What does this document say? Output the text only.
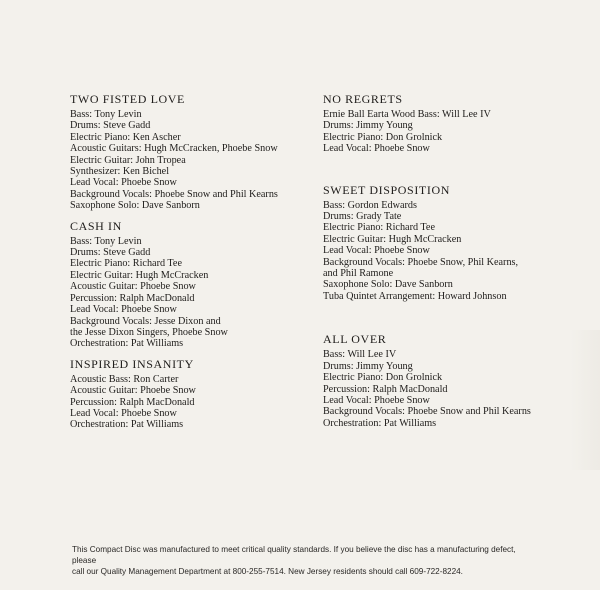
TWO FISTED LOVE
Bass: Tony Levin
Drums: Steve Gadd
Electric Piano: Ken Ascher
Acoustic Guitars: Hugh McCracken, Phoebe Snow
Electric Guitar: John Tropea
Synthesizer: Ken Bichel
Lead Vocal: Phoebe Snow
Background Vocals: Phoebe Snow and Phil Kearns
Saxophone Solo: Dave Sanborn
CASH IN
Bass: Tony Levin
Drums: Steve Gadd
Electric Piano: Richard Tee
Electric Guitar: Hugh McCracken
Acoustic Guitar: Phoebe Snow
Percussion: Ralph MacDonald
Lead Vocal: Phoebe Snow
Background Vocals: Jesse Dixon and
the Jesse Dixon Singers, Phoebe Snow
Orchestration: Pat Williams
INSPIRED INSANITY
Acoustic Bass: Ron Carter
Acoustic Guitar: Phoebe Snow
Percussion: Ralph MacDonald
Lead Vocal: Phoebe Snow
Orchestration: Pat Williams
NO REGRETS
Ernie Ball Earta Wood Bass: Will Lee IV
Drums: Jimmy Young
Electric Piano: Don Grolnick
Lead Vocal: Phoebe Snow
SWEET DISPOSITION
Bass: Gordon Edwards
Drums: Grady Tate
Electric Piano: Richard Tee
Electric Guitar: Hugh McCracken
Lead Vocal: Phoebe Snow
Background Vocals: Phoebe Snow, Phil Kearns,
and Phil Ramone
Saxophone Solo: Dave Sanborn
Tuba Quintet Arrangement: Howard Johnson
ALL OVER
Bass: Will Lee IV
Drums: Jimmy Young
Electric Piano: Don Grolnick
Percussion: Ralph MacDonald
Lead Vocal: Phoebe Snow
Background Vocals: Phoebe Snow and Phil Kearns
Orchestration: Pat Williams
This Compact Disc was manufactured to meet critical quality standards. If you believe the disc has a manufacturing defect, please
call our Quality Management Department at 800-255-7514. New Jersey residents should call 609-722-8224.
